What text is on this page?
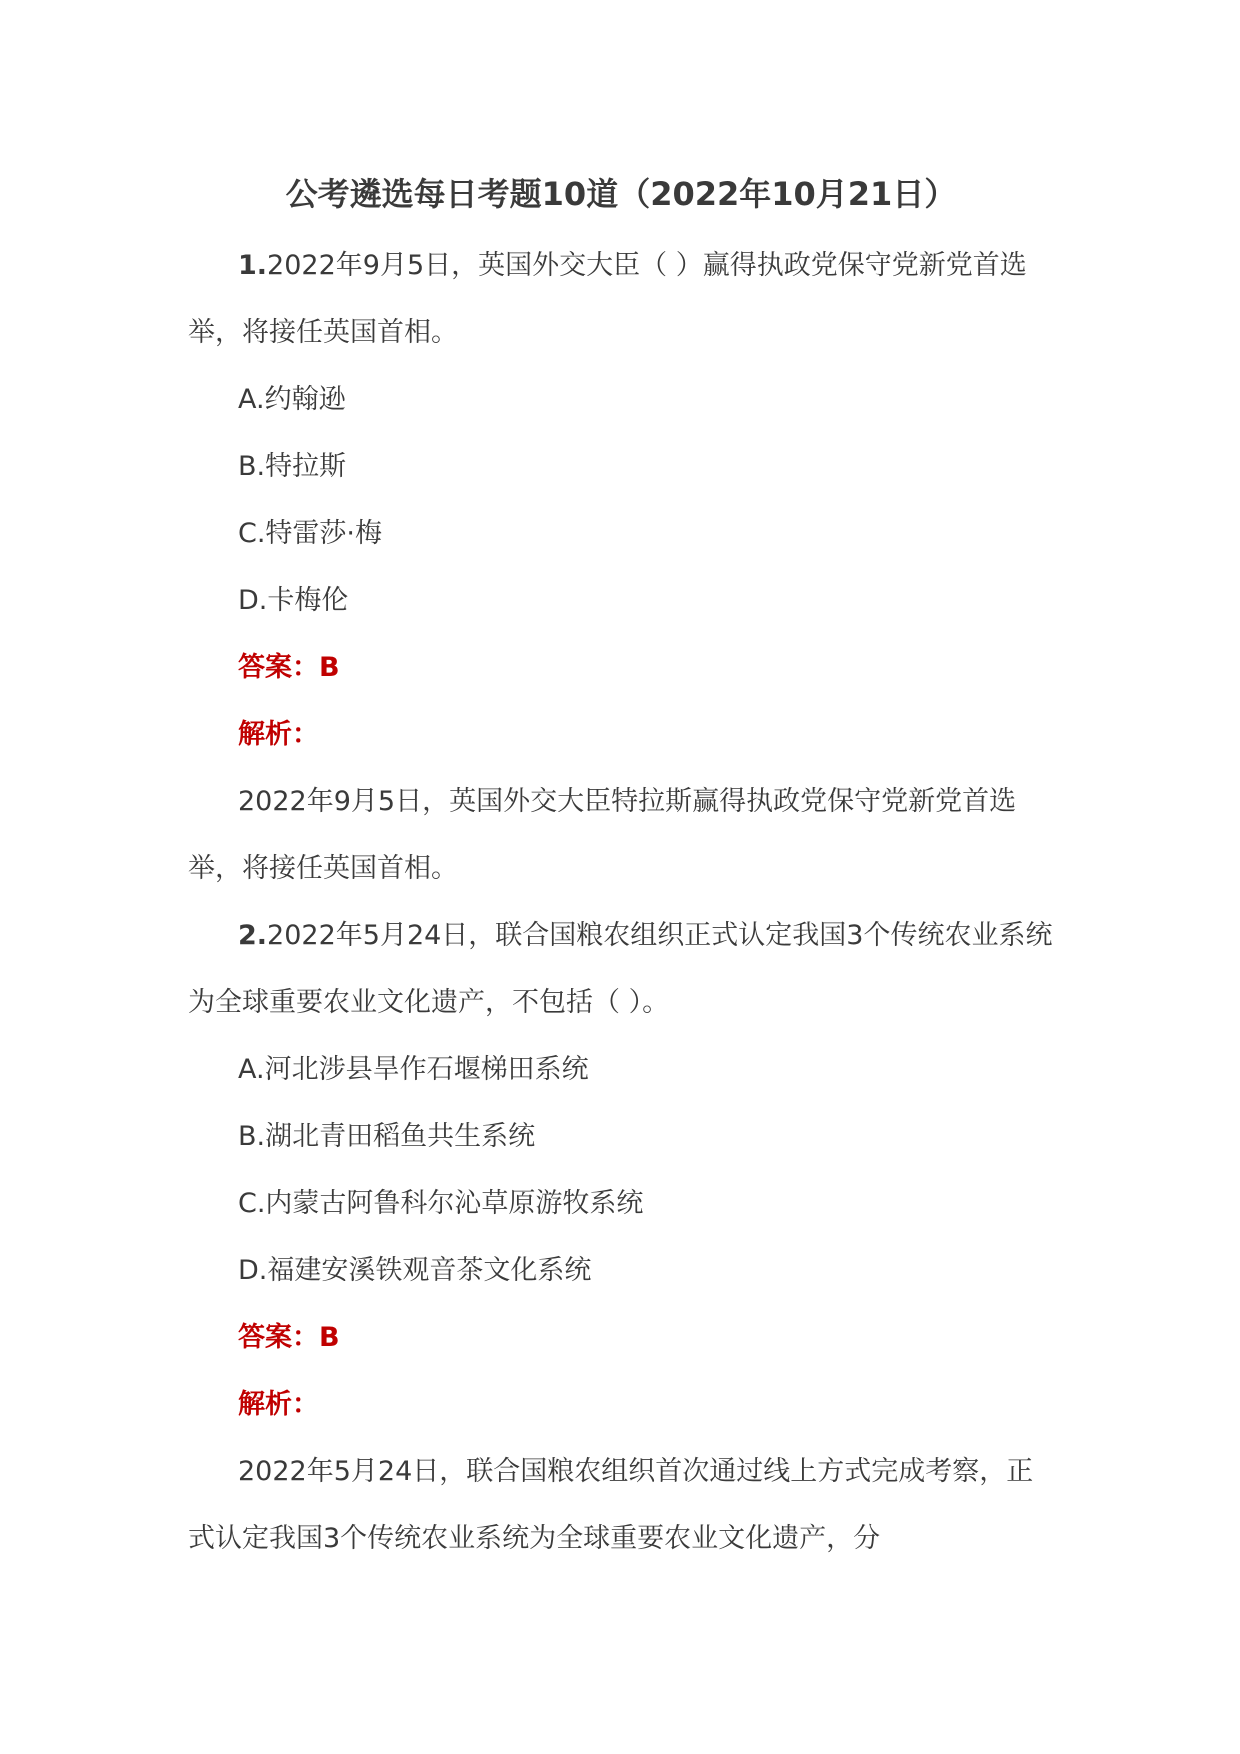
公考遴选每日考题10道（2022年10月21日）

1.2022年9月5日，英国外交大臣（ ）赢得执政党保守党新党首选举，将接任英国首相。

A.约翰逊

B.特拉斯

C.特雷莎·梅

D.卡梅伦

答案：B

解析：

2022年9月5日，英国外交大臣特拉斯赢得执政党保守党新党首选举，将接任英国首相。

2.2022年5月24日，联合国粮农组织正式认定我国3个传统农业系统为全球重要农业文化遗产，不包括（ ）。

A.河北涉县旱作石堰梯田系统

B.湖北青田稻鱼共生系统

C.内蒙古阿鲁科尔沁草原游牧系统

D.福建安溪铁观音茶文化系统

答案：B

解析：

2022年5月24日，联合国粮农组织首次通过线上方式完成考察，正式认定我国3个传统农业系统为全球重要农业文化遗产，分
